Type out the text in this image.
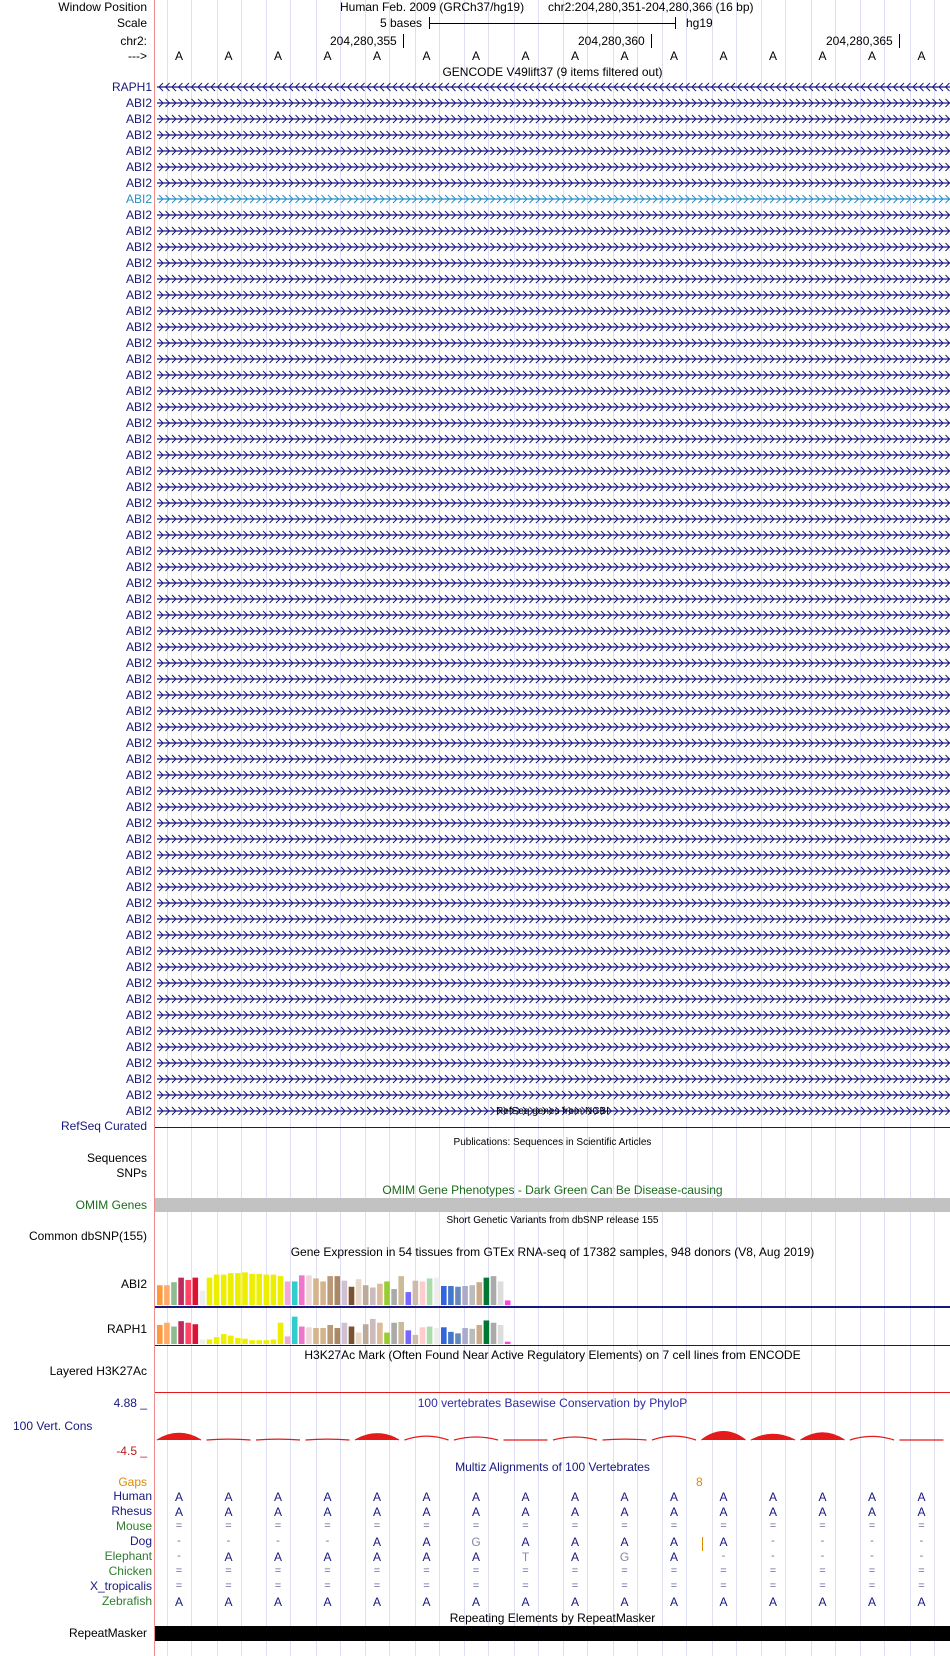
Window Position	Human Feb. 2009 (GRCh37/hg19) chr2:204,280,351-204,280,366 (16 bp)
Scale	5 bases	hg19
chr2:	204,280,355	204,280,360	204,280,365
--->	A	A	A	A	A	A	A	A	A	A	A	A	A	A	A	A
GENCODE V49lift37 (9 items filtered out)
RAPH1
ABI2
ABI2
ABI2
ABI2
ABI2
ABI2
ABI2
ABI2
ABI2
ABI2
ABI2
ABI2
ABI2
ABI2
ABI2
ABI2
ABI2
ABI2
ABI2
ABI2
ABI2
ABI2
ABI2
ABI2
ABI2
ABI2
ABI2
ABI2
ABI2
ABI2
ABI2
ABI2
ABI2
ABI2
ABI2
ABI2
ABI2
ABI2
ABI2
ABI2
ABI2
ABI2
ABI2
ABI2
ABI2
ABI2
ABI2
ABI2
ABI2
ABI2
ABI2
ABI2
ABI2
ABI2
ABI2
ABI2
ABI2
ABI2
ABI2
ABI2
ABI2
ABI2
ABI2
ABI2	RefSeq genes from NCBI
RefSeq Curated
Publications: Sequences in Scientific Articles
Sequences
SNPs
OMIM Gene Phenotypes - Dark Green Can Be Disease-causing
OMIM Genes
Short Genetic Variants from dbSNP release 155
Common dbSNP(155)
Gene Expression in 54 tissues from GTEx RNA-seq of 17382 samples, 948 donors (V8, Aug 2019)
ABI2
RAPH1
H3K27Ac Mark (Often Found Near Active Regulatory Elements) on 7 cell lines from ENCODE
Layered H3K27Ac
4.88 _	100 vertebrates Basewise Conservation by PhyloP
100 Vert. Cons
-4.5 _
Multiz Alignments of 100 Vertebrates
Gaps	8
Human	A	A	A	A	A	A	A	A	A	A	A	A	A	A	A	A
Rhesus	A	A	A	A	A	A	A	A	A	A	A	A	A	A	A	A
Mouse	=	=	=	=	=	=	=	=	=	=	=	=	=	=	=	=
Dog	-	-	-	-	A	A	G	A	A	A	A	A	-	-	-	-
Elephant	-	A	A	A	A	A	A	T	A	G	A	-	-	-	-	-
Chicken	=	=	=	=	=	=	=	=	=	=	=	=	=	=	=	=
X_tropicalis	=	=	=	=	=	=	=	=	=	=	=	=	=	=	=	=
Zebrafish	A	A	A	A	A	A	A	A	A	A	A	A	A	A	A	A
Repeating Elements by RepeatMasker
RepeatMasker
